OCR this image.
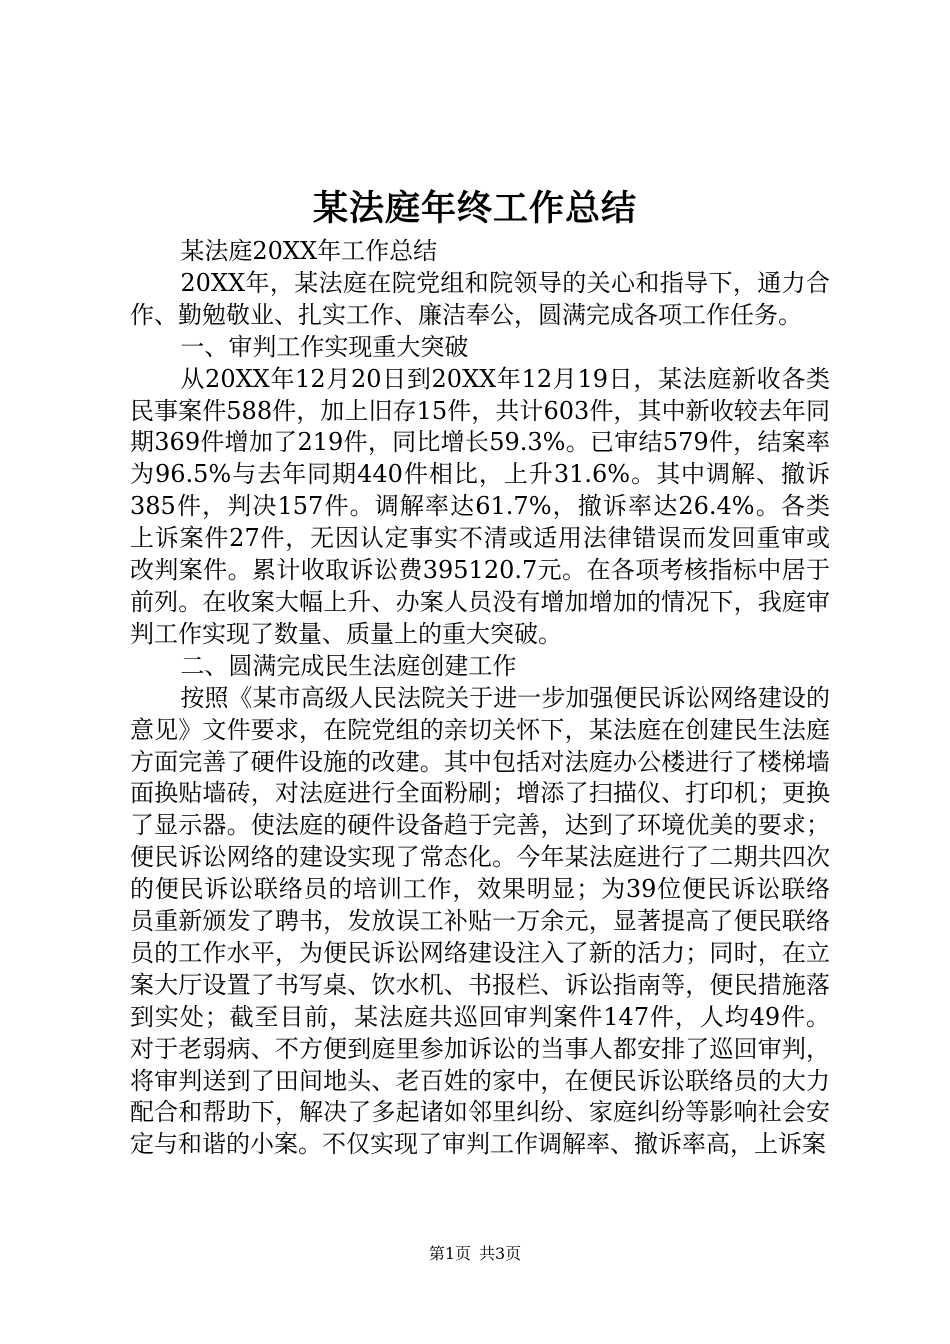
某法庭年终工作总结

某法庭20XX年工作总结

20XX年，某法庭在院党组和院领导的关心和指导下，通力合作、勤勉敬业、扎实工作、廉洁奉公，圆满完成各项工作任务。

一、审判工作实现重大突破

从20XX年12月20日到20XX年12月19日，某法庭新收各类民事案件588件，加上旧存15件，共计603件，其中新收较去年同期369件增加了219件，同比增长59.3%。已审结579件，结案率为96.5%与去年同期440件相比，上升31.6%。其中调解、撤诉385件，判决157件。调解率达61.7%，撤诉率达26.4%。各类上诉案件27件，无因认定事实不清或适用法律错误而发回重审或改判案件。累计收取诉讼费395120.7元。在各项考核指标中居于前列。在收案大幅上升、办案人员没有增加增加的情况下，我庭审判工作实现了数量、质量上的重大突破。

二、圆满完成民生法庭创建工作

按照《某市高级人民法院关于进一步加强便民诉讼网络建设的意见》文件要求，在院党组的亲切关怀下，某法庭在创建民生法庭方面完善了硬件设施的改建。其中包括对法庭办公楼进行了楼梯墙面换贴墙砖，对法庭进行全面粉刷；增添了扫描仪、打印机；更换了显示器。使法庭的硬件设备趋于完善，达到了环境优美的要求；便民诉讼网络的建设实现了常态化。今年某法庭进行了二期共四次的便民诉讼联络员的培训工作，效果明显；为39位便民诉讼联络员重新颁发了聘书，发放误工补贴一万余元，显著提高了便民联络员的工作水平，为便民诉讼网络建设注入了新的活力；同时，在立案大厅设置了书写桌、饮水机、书报栏、诉讼指南等，便民措施落到实处；截至目前，某法庭共巡回审判案件147件，人均49件。对于老弱病、不方便到庭里参加诉讼的当事人都安排了巡回审判，将审判送到了田间地头、老百姓的家中，在便民诉讼联络员的大力配合和帮助下，解决了多起诸如邻里纠纷、家庭纠纷等影响社会安定与和谐的小案。不仅实现了审判工作调解率、撤诉率高，上诉案

第1页 共3页
